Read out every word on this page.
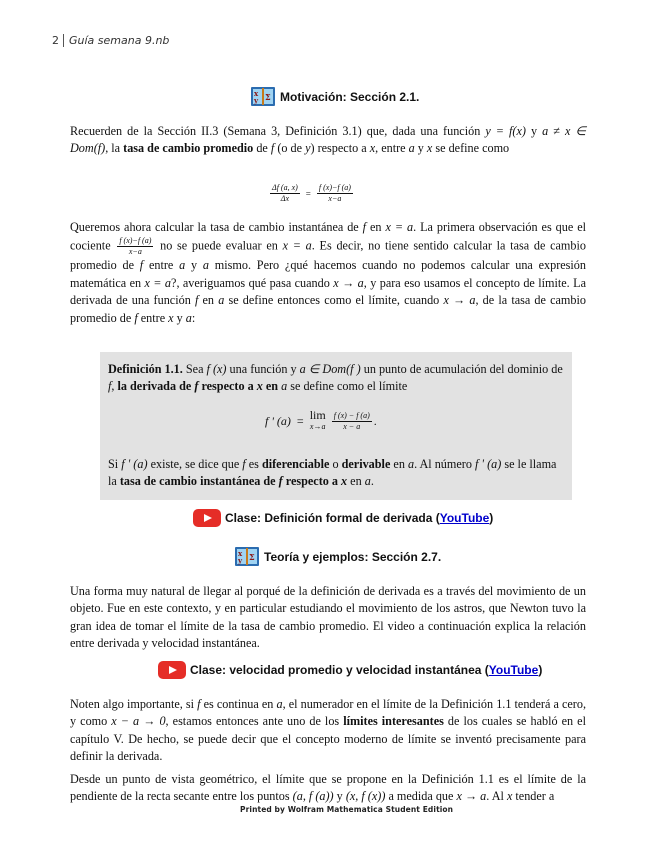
2 Guía semana 9.nb
x
y Σ Motivación: Sección 2.1.

Recuerden de la Sección II.3 (Semana 3, Definición 3.1) que, dada una función y = f(x) y a ≠ x ∈ Dom(f), la tasa de cambio promedio de f (o de y) respecto a x, entre a y x se define como

$\frac{\Delta f (a, x)}{\Delta x} = \frac{f (x)-f (a)}{x-a}$

Queremos ahora calcular la tasa de cambio instantánea de f en x = a. La primera observación es que el cociente $\frac{f (x)-f (a)}{x-a}$ no se puede evaluar en x = a. Es decir, no tiene sentido calcular la tasa de cambio promedio de f entre a y a mismo. Pero ¿qué hacemos cuando no podemos calcular una expresión matemática en x = a?, averiguamos qué pasa cuando x → a, y para eso usamos el concepto de límite. La derivada de una función f en a se define entonces como el límite, cuando x → a, de la tasa de cambio promedio de f entre x y a:

Definición 1.1. Sea f (x) una función y a ∈ Dom(f ) un punto de acumulación del dominio de f, la derivada de f respecto a x en a se define como el límite

f ' (a) = lim
$x\to a \frac{f (x) - f (a)}{x - a}$ .

Si f ' (a) existe, se dice que f es diferenciable o derivable en a. Al número f ' (a) se le llama la tasa de cambio instantánea de f respecto a x en a.

Clase: Definición formal de derivada ( YouTube )
x
y Σ Teoría y ejemplos: Sección 2.7.

Una forma muy natural de llegar al porqué de la definición de derivada es a través del movimiento de un objeto. Fue en este contexto, y en particular estudiando el movimiento de los astros, que Newton tuvo la gran idea de tomar el límite de la tasa de cambio promedio. El video a continuación explica la relación entre derivada y velocidad instantánea.

Clase: velocidad promedio y velocidad instantánea ( YouTube )

Noten algo importante, si f es continua en a, el numerador en el límite de la Definición 1.1 tenderá a cero, y como x − a → 0, estamos entonces ante uno de los límites interesantes de los cuales se habló en el capítulo V. De hecho, se puede decir que el concepto moderno de límite se inventó precisamente para definir la derivada.

Desde un punto de vista geométrico, el límite que se propone en la Definición 1.1 es el límite de la pendiente de la recta secante entre los puntos (a, f (a)) y (x, f (x)) a medida que x → a. Al x tender a

Printed by Wolfram Mathematica Student Edition
